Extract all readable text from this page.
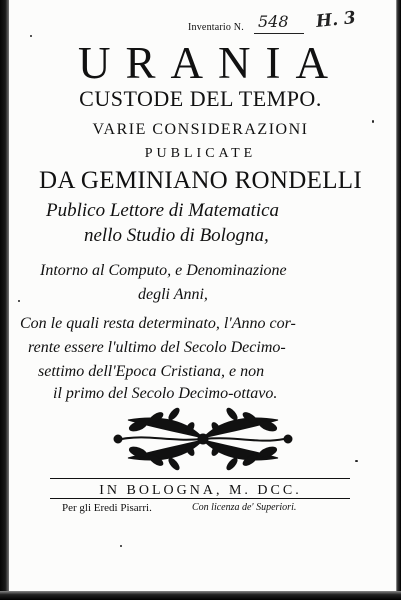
Inventario N. 548 H. 3
URANIA
CUSTODE DEL TEMPO.
VARIE CONSIDERAZIONI
PUBLICATE
DA GEMINIANO RONDELLI
Publico Lettore di Matematica
nello Studio di Bologna,
Intorno al Computo, e Denominazione
degli Anni,
Con le quali resta determinato, l'Anno cor-
rente essere l'ultimo del Secolo Decimo-
settimo dell'Epoca Cristiana, e non
il primo del Secolo Decimo-ottavo.
IN BOLOGNA, M. DCC.
Per gli Eredi Pisarri.	Con licenza de' Superiori.
